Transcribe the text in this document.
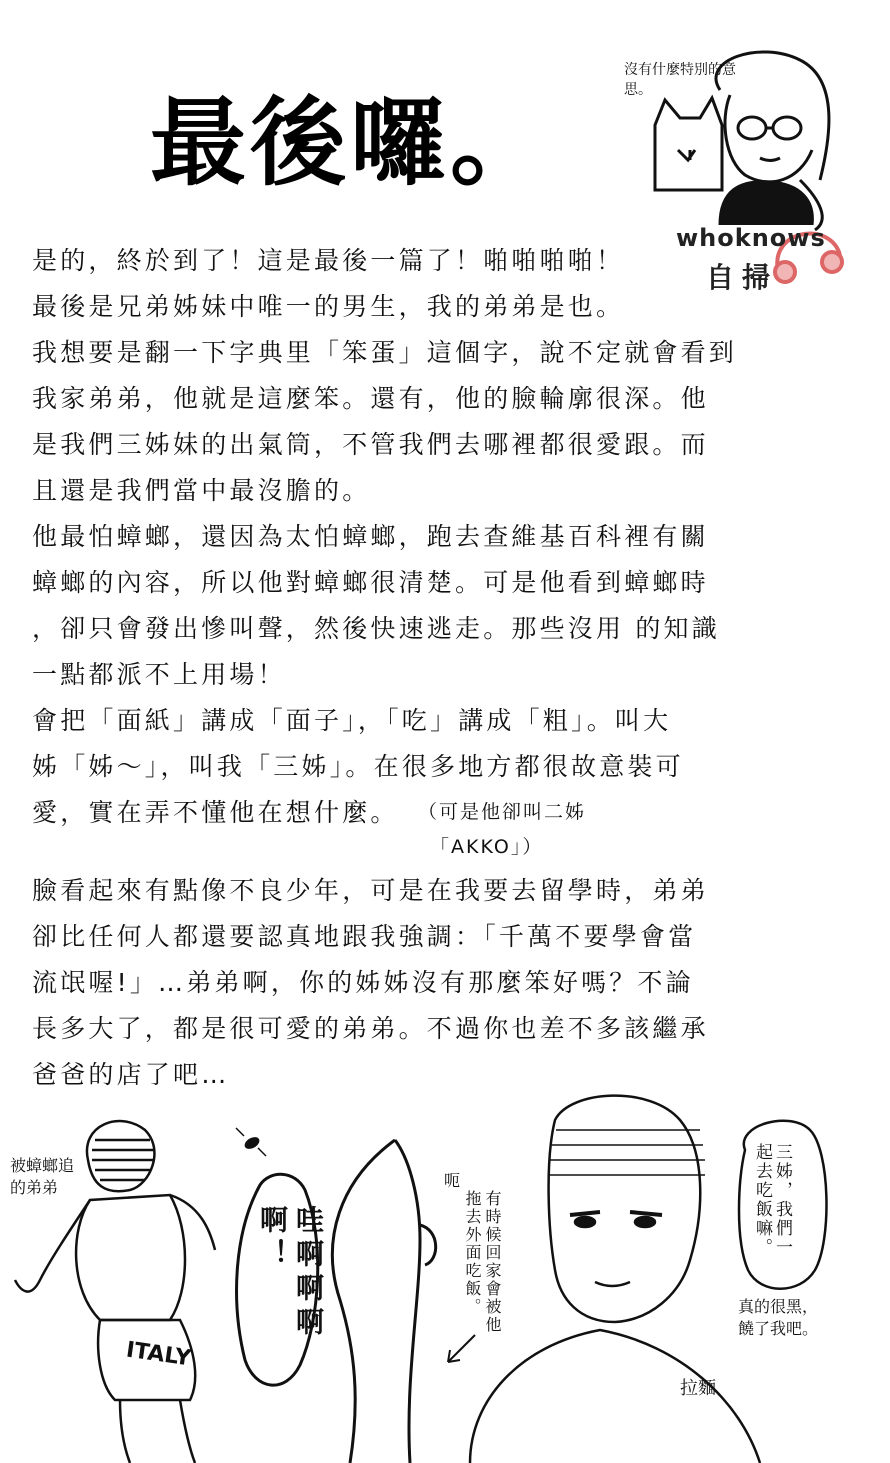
最後囉。
沒有什麼特別的意思。
whoknows
自掃
是的，終於到了！這是最後一篇了！啪啪啪啪！
最後是兄弟姊妹中唯一的男生，我的弟弟是也。
我想要是翻一下字典里「笨蛋」這個字，說不定就會看到
我家弟弟，他就是這麼笨。還有，他的臉輪廓很深。他
是我們三姊妹的出氣筒，不管我們去哪裡都很愛跟。而
且還是我們當中最沒膽的。
他最怕蟑螂，還因為太怕蟑螂，跑去查維基百科裡有關
蟑螂的內容，所以他對蟑螂很清楚。可是他看到蟑螂時
，卻只會發出慘叫聲，然後快速逃走。那些沒用 的知識
一點都派不上用場！
會把「面紙」講成「面子」，「吃」講成「粗」。叫大
姊「姊～」，叫我「三姊」。在很多地方都很故意裝可
愛，實在弄不懂他在想什麼。	（可是他卻叫二姊
「AKKO」）
臉看起來有點像不良少年，可是在我要去留學時，弟弟
卻比任何人都還要認真地跟我強調：「千萬不要學會當
流氓喔!」…弟弟啊，你的姊姊沒有那麼笨好嗎？不論
長多大了，都是很可愛的弟弟。不過你也差不多該繼承
爸爸的店了吧…
被蟑螂追的弟弟
ITALY
哇啊啊啊啊！
呃
有時候回家會被他拖去外面吃飯。	三姊，我們一起去吃飯嘛。
真的很黑，
饒了我吧。
拉麵
